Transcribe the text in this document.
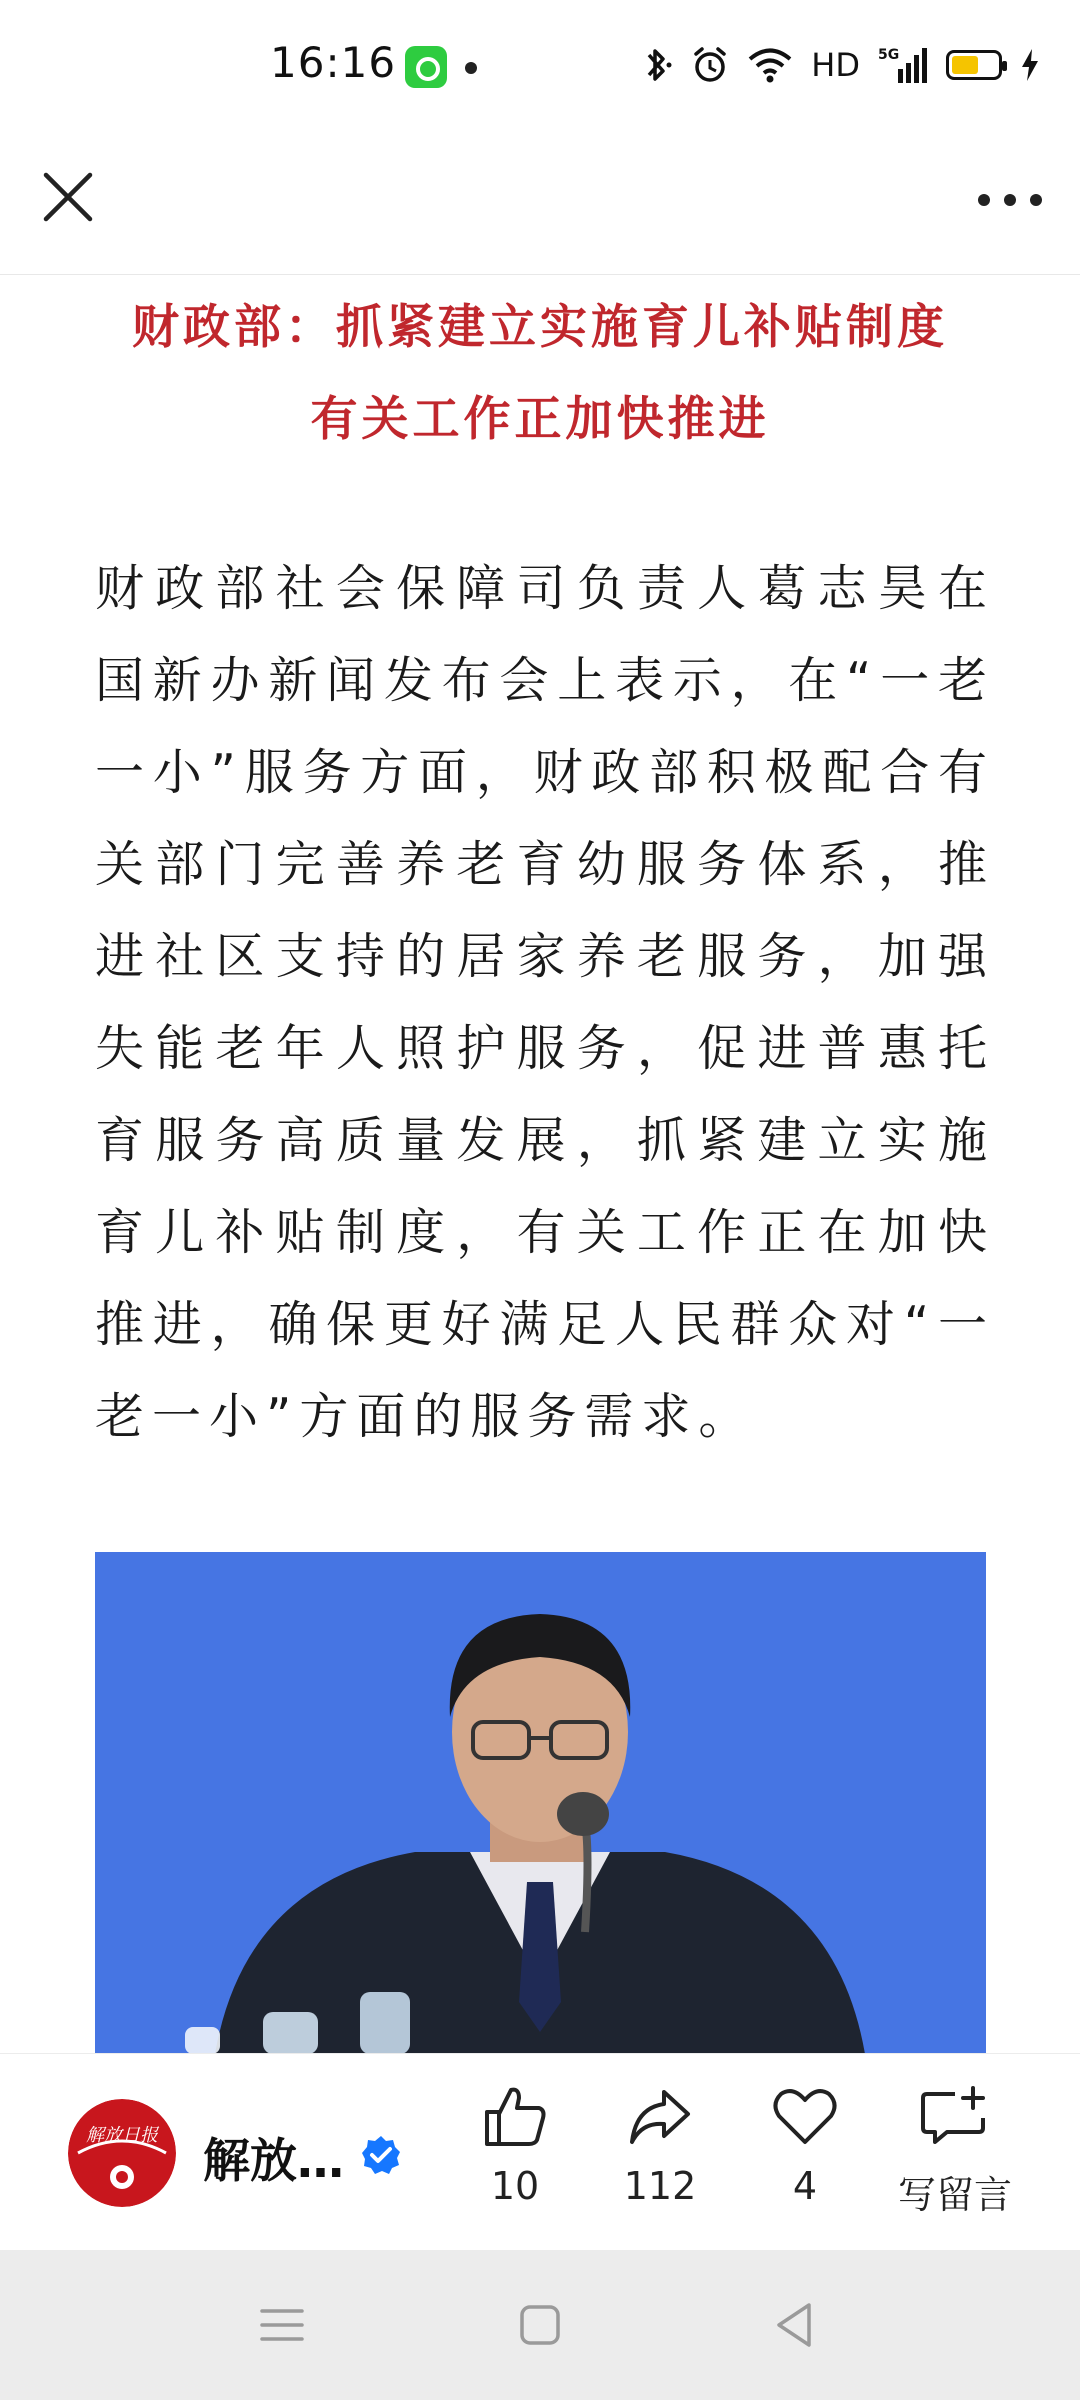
16:16	HD 5G
财政部：抓紧建立实施育儿补贴制度
有关工作正加快推进
财政部社会保障司负责人葛志昊在国新办新闻发布会上表示，在“一老一小”服务方面，财政部积极配合有关部门完善养老育幼服务体系，推进社区支持的居家养老服务，加强失能老年人照护服务，促进普惠托育服务高质量发展，抓紧建立实施育儿补贴制度，有关工作正在加快推进，确保更好满足人民群众对“一老一小”方面的服务需求。
解放日报 解放…	10	112	4	写留言
